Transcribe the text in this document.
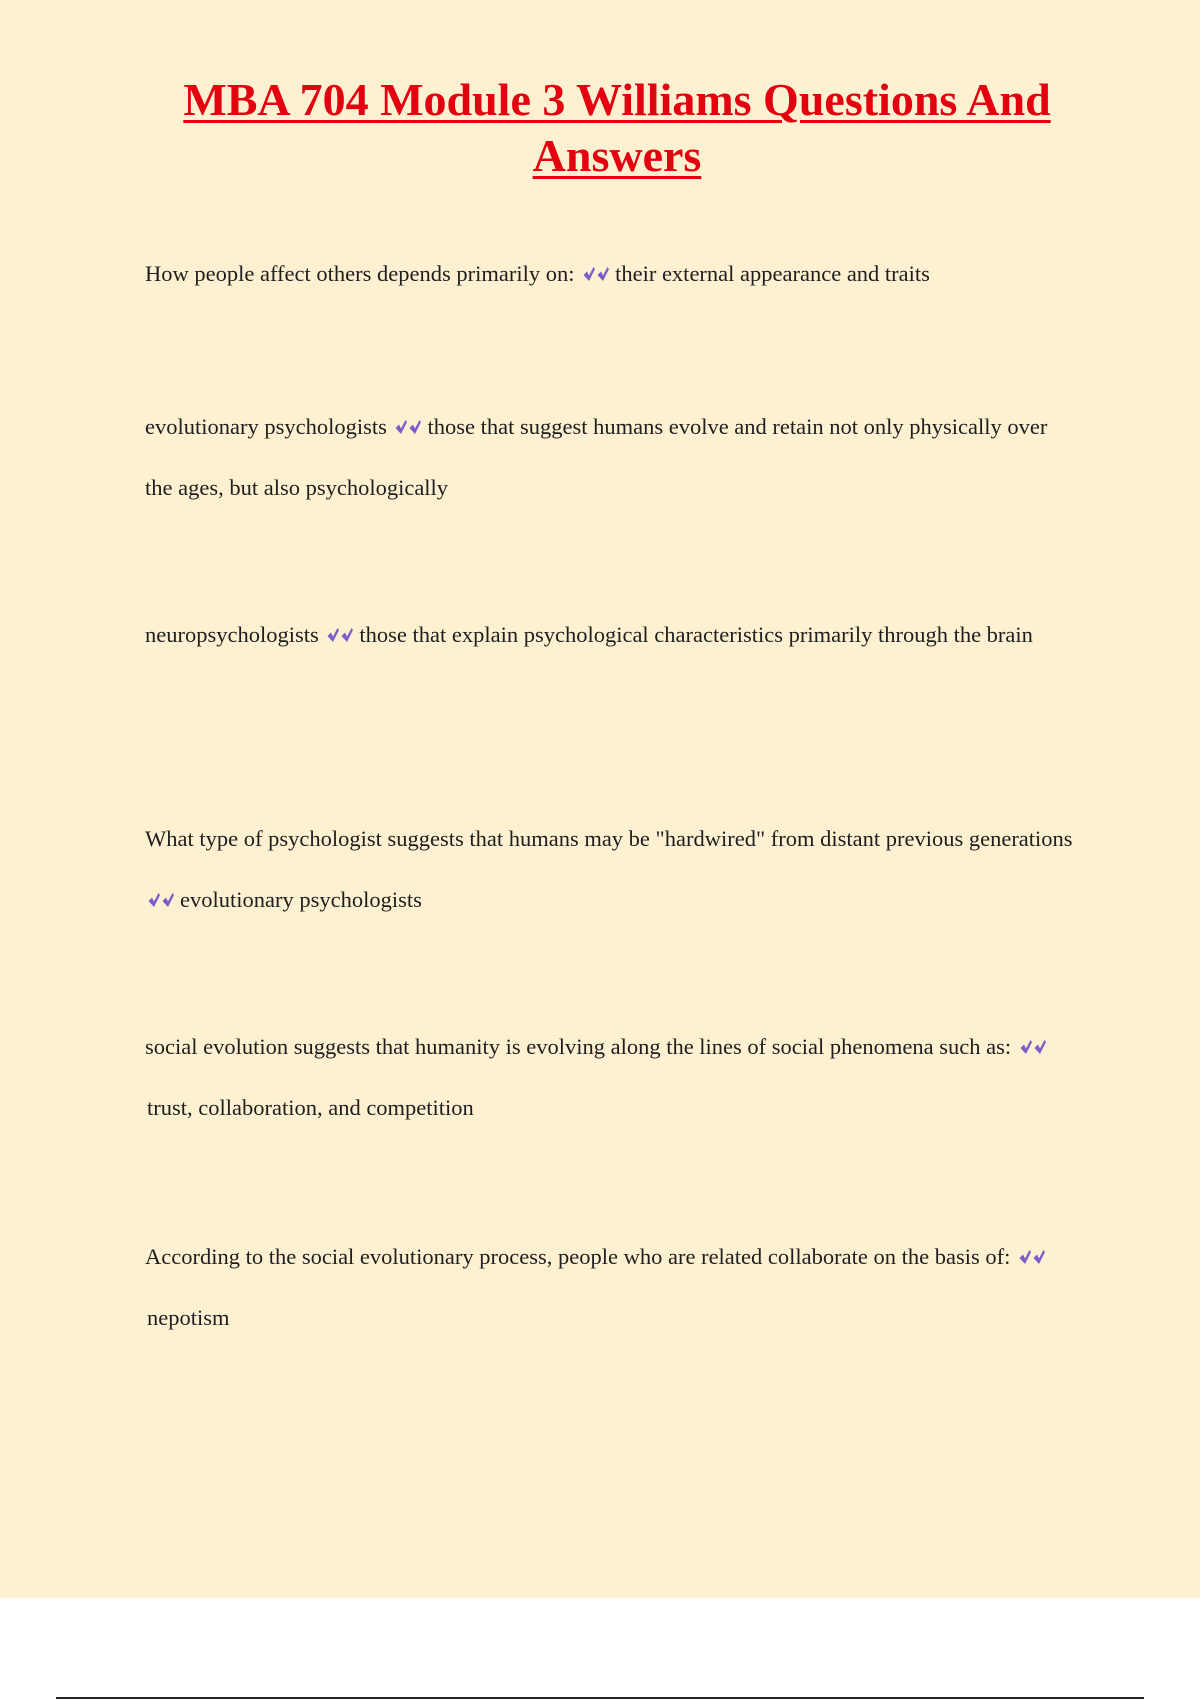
MBA 704 Module 3 Williams Questions And Answers

How people affect others depends primarily on: their external appearance and traits

evolutionary psychologists those that suggest humans evolve and retain not only physically over the ages, but also psychologically

neuropsychologists those that explain psychological characteristics primarily through the brain

What type of psychologist suggests that humans may be "hardwired" from distant previous generations
evolutionary psychologists

social evolution suggests that humanity is evolving along the lines of social phenomena such as:
trust, collaboration, and competition

According to the social evolutionary process, people who are related collaborate on the basis of:
nepotism
